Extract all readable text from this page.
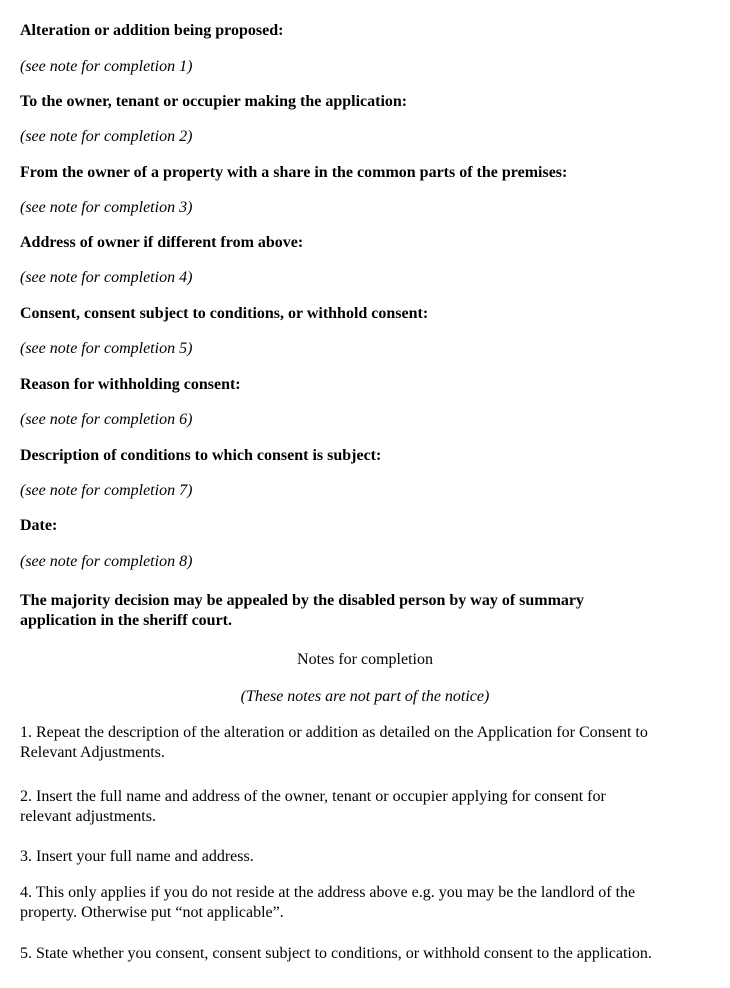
Alteration or addition being proposed:
(see note for completion 1)
To the owner, tenant or occupier making the application:
(see note for completion 2)
From the owner of a property with a share in the common parts of the premises:
(see note for completion 3)
Address of owner if different from above:
(see note for completion 4)
Consent, consent subject to conditions, or withhold consent:
(see note for completion 5)
Reason for withholding consent:
(see note for completion 6)
Description of conditions to which consent is subject:
(see note for completion 7)
Date:
(see note for completion 8)
The majority decision may be appealed by the disabled person by way of summary
application in the sheriff court.
Notes for completion
(These notes are not part of the notice)
1. Repeat the description of the alteration or addition as detailed on the Application for Consent to
Relevant Adjustments.
2. Insert the full name and address of the owner, tenant or occupier applying for consent for
relevant adjustments.
3. Insert your full name and address.
4. This only applies if you do not reside at the address above e.g. you may be the landlord of the
property. Otherwise put “not applicable”.
5. State whether you consent, consent subject to conditions, or withhold consent to the application.
